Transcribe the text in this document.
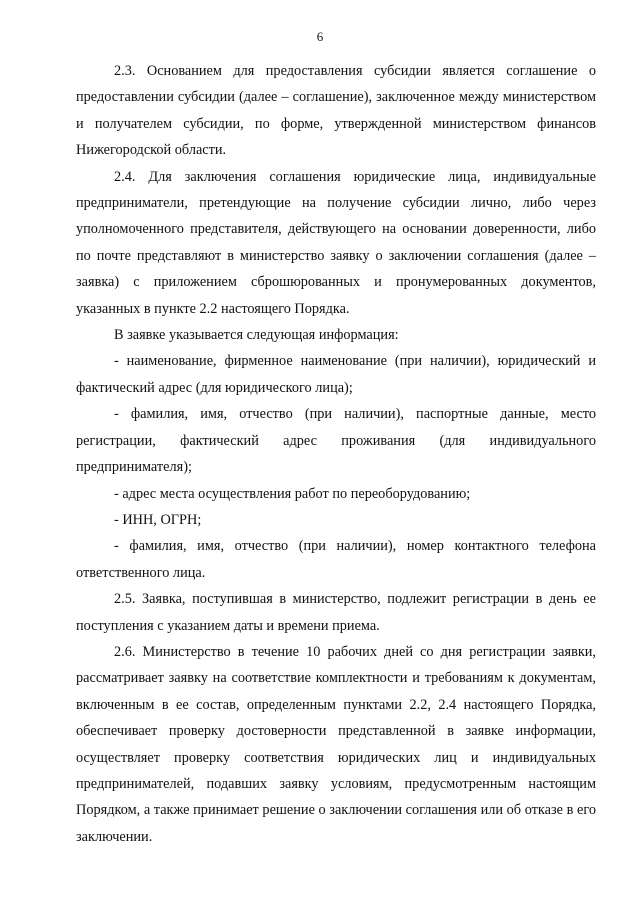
6

2.3. Основанием для предоставления субсидии является соглашение о предоставлении субсидии (далее – соглашение), заключенное между министерством и получателем субсидии, по форме, утвержденной министерством финансов Нижегородской области.

2.4. Для заключения соглашения юридические лица, индивидуальные предприниматели, претендующие на получение субсидии лично, либо через уполномоченного представителя, действующего на основании доверенности, либо по почте представляют в министерство заявку о заключении соглашения (далее – заявка) с приложением сброшюрованных и пронумерованных документов, указанных в пункте 2.2 настоящего Порядка.

В заявке указывается следующая информация:

- наименование, фирменное наименование (при наличии), юридический и фактический адрес (для юридического лица);

- фамилия, имя, отчество (при наличии), паспортные данные, место регистрации, фактический адрес проживания (для индивидуального предпринимателя);

- адрес места осуществления работ по переоборудованию;

- ИНН, ОГРН;

- фамилия, имя, отчество (при наличии), номер контактного телефона ответственного лица.

2.5. Заявка, поступившая в министерство, подлежит регистрации в день ее поступления с указанием даты и времени приема.

2.6. Министерство в течение 10 рабочих дней со дня регистрации заявки, рассматривает заявку на соответствие комплектности и требованиям к документам, включенным в ее состав, определенным пунктами 2.2, 2.4 настоящего Порядка, обеспечивает проверку достоверности представленной в заявке информации, осуществляет проверку соответствия юридических лиц и индивидуальных предпринимателей, подавших заявку условиям, предусмотренным настоящим Порядком, а также принимает решение о заключении соглашения или об отказе в его заключении.
